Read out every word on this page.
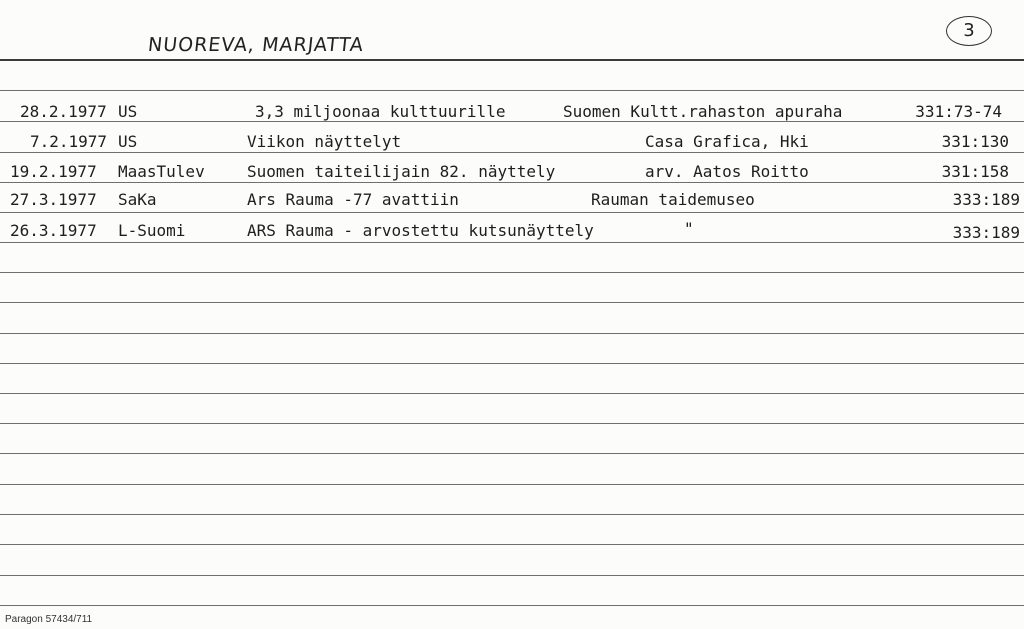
NUOREVA, MARJATTA
3
28.2.1977 US	3,3 miljoonaa kulttuurille	Suomen Kultt.rahaston apuraha	331:73-74
7.2.1977 US	Viikon näyttelyt	Casa Grafica, Hki	331:130
19.2.1977 MaasTulev	Suomen taiteilijain 82. näyttely	arv. Aatos Roitto	331:158
27.3.1977 SaKa	Ars Rauma -77 avattiin	Rauman taidemuseo	333:189
26.3.1977 L-Suomi	ARS Rauma - arvostettu kutsunäyttely	"	333:189
Paragon 57434/711
